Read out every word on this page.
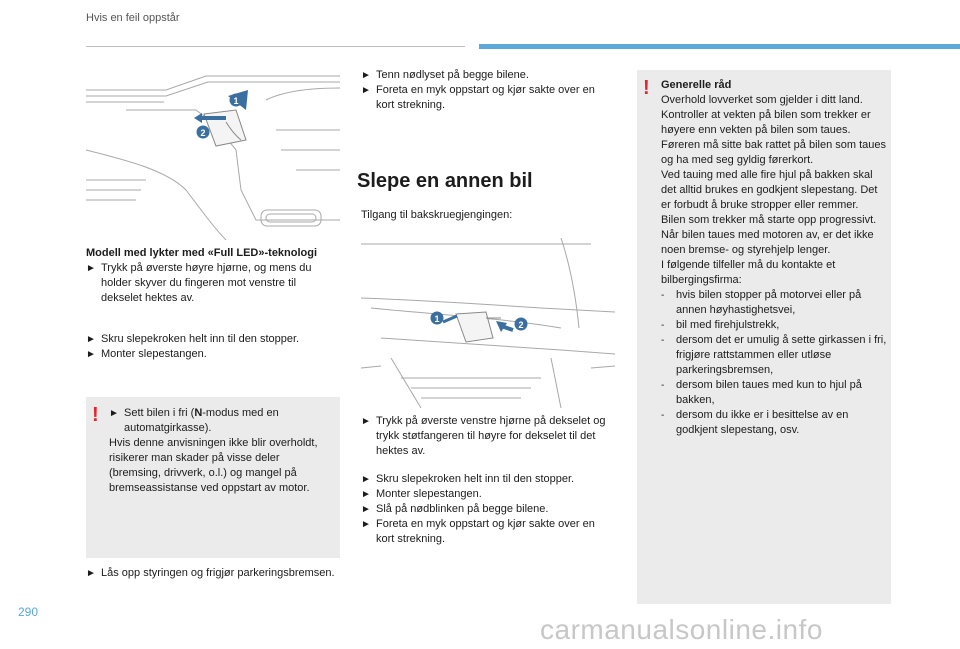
Hvis en feil oppstår
1
2
Modell med lykter med «Full LED»-teknologi
► Trykk på øverste høyre hjørne, og mens du holder skyver du fingeren mot venstre til dekselet hektes av.
► Skru slepekroken helt inn til den stopper.
► Monter slepestangen.
! ► Sett bilen i fri (N-modus med en automatgirkasse).
Hvis denne anvisningen ikke blir overholdt, risikerer man skader på visse deler (bremsing, drivverk, o.l.) og mangel på bremseassistanse ved oppstart av motor.
► Lås opp styringen og frigjør parkeringsbremsen.
► Tenn nødlyset på begge bilene.
► Foreta en myk oppstart og kjør sakte over en kort strekning.
Slepe en annen bil
Tilgang til bakskruegjengingen:
1
2
► Trykk på øverste venstre hjørne på dekselet og trykk støtfangeren til høyre for dekselet til det hektes av.
► Skru slepekroken helt inn til den stopper.
► Monter slepestangen.
► Slå på nødblinken på begge bilene.
► Foreta en myk oppstart og kjør sakte over en kort strekning.
! Generelle råd
Overhold lovverket som gjelder i ditt land.
Kontroller at vekten på bilen som trekker er høyere enn vekten på bilen som taues.
Føreren må sitte bak rattet på bilen som taues og ha med seg gyldig førerkort.
Ved tauing med alle fire hjul på bakken skal det alltid brukes en godkjent slepestang. Det er forbudt å bruke stropper eller remmer.
Bilen som trekker må starte opp progressivt.
Når bilen taues med motoren av, er det ikke noen bremse- og styrehjelp lenger.
I følgende tilfeller må du kontakte et bilbergingsfirma:
-	hvis bilen stopper på motorvei eller på annen høyhastighetsvei,
-	bil med firehjulstrekk,
-	dersom det er umulig å sette girkassen i fri, frigjøre rattstammen eller utløse parkeringsbremsen,
-	dersom bilen taues med kun to hjul på bakken,
-	dersom du ikke er i besittelse av en godkjent slepestang, osv.
290
carmanualsonline.info
